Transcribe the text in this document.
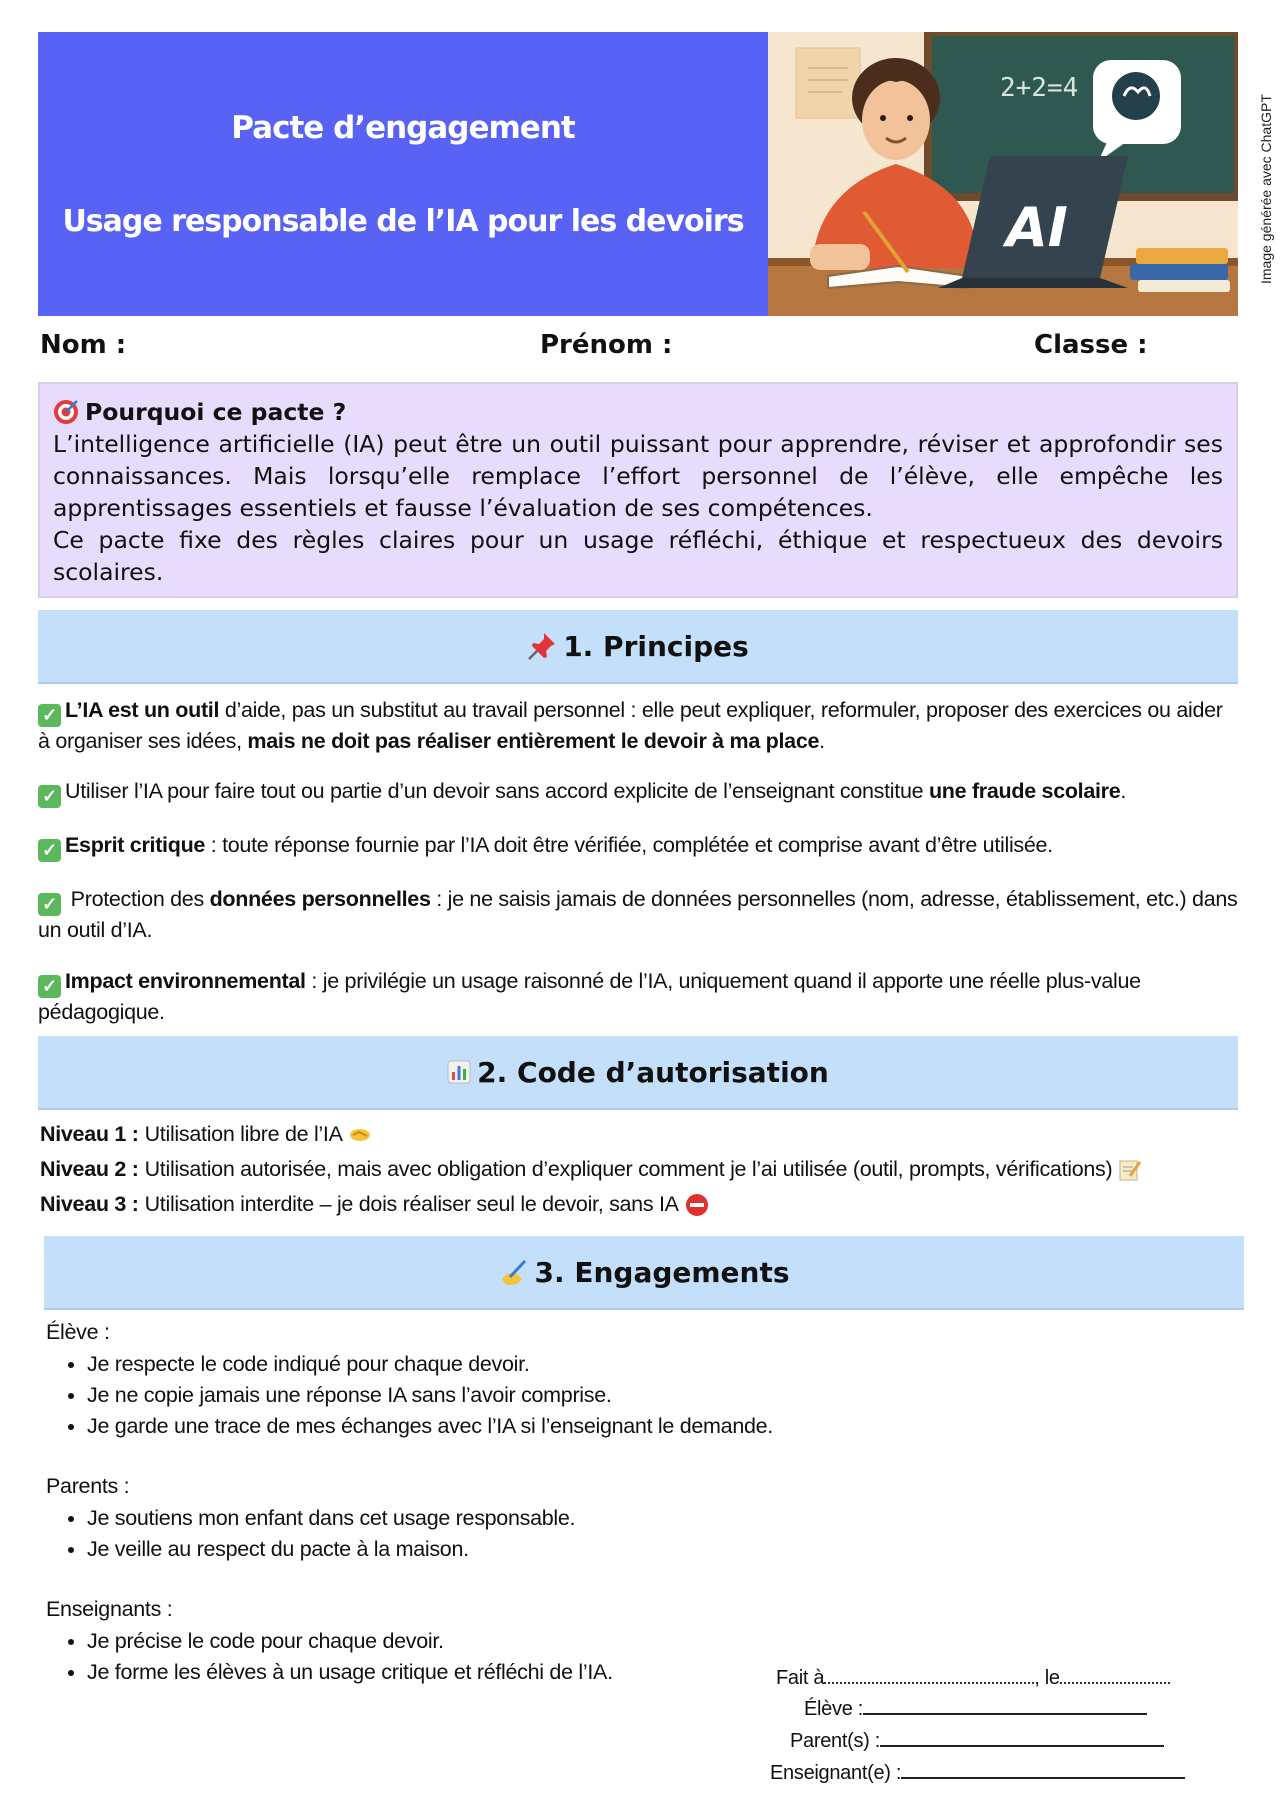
Pacte d’engagement
Usage responsable de l’IA pour les devoirs
2+2=4
AI	Image générée avec ChatGPT
Nom :	Prénom :	Classe :
Pourquoi ce pacte ?

L’intelligence artificielle (IA) peut être un outil puissant pour apprendre, réviser et approfondir ses connaissances. Mais lorsqu’elle remplace l’effort personnel de l’élève, elle empêche les apprentissages essentiels et fausse l’évaluation de ses compétences.

Ce pacte fixe des règles claires pour un usage réfléchi, éthique et respectueux des devoirs scolaires.

1. Principes
✓ L’IA est un outil d’aide, pas un substitut au travail personnel : elle peut expliquer, reformuler, proposer des exercices ou aider à organiser ses idées, mais ne doit pas réaliser entièrement le devoir à ma place.
✓ Utiliser l’IA pour faire tout ou partie d’un devoir sans accord explicite de l’enseignant constitue une fraude scolaire.
✓ Esprit critique : toute réponse fournie par l’IA doit être vérifiée, complétée et comprise avant d’être utilisée.
✓ Protection des données personnelles : je ne saisis jamais de données personnelles (nom, adresse, établissement, etc.) dans un outil d’IA.
✓ Impact environnemental : je privilégie un usage raisonné de l’IA, uniquement quand il apporte une réelle plus-value pédagogique.
2. Code d’autorisation
Niveau 1 : Utilisation libre de l’IA
Niveau 2 : Utilisation autorisée, mais avec obligation d’expliquer comment je l’ai utilisée (outil, prompts, vérifications)
Niveau 3 : Utilisation interdite – je dois réaliser seul le devoir, sans IA
3. Engagements
Élève :
• Je respecte le code indiqué pour chaque devoir.
• Je ne copie jamais une réponse IA sans l’avoir comprise.
• Je garde une trace de mes échanges avec l’IA si l’enseignant le demande.
Parents :
• Je soutiens mon enfant dans cet usage responsable.
• Je veille au respect du pacte à la maison.
Enseignants :
• Je précise le code pour chaque devoir.
• Je forme les élèves à un usage critique et réfléchi de l’IA.	Fait à	, le
Élève :
Parent(s) :
Enseignant(e) :
